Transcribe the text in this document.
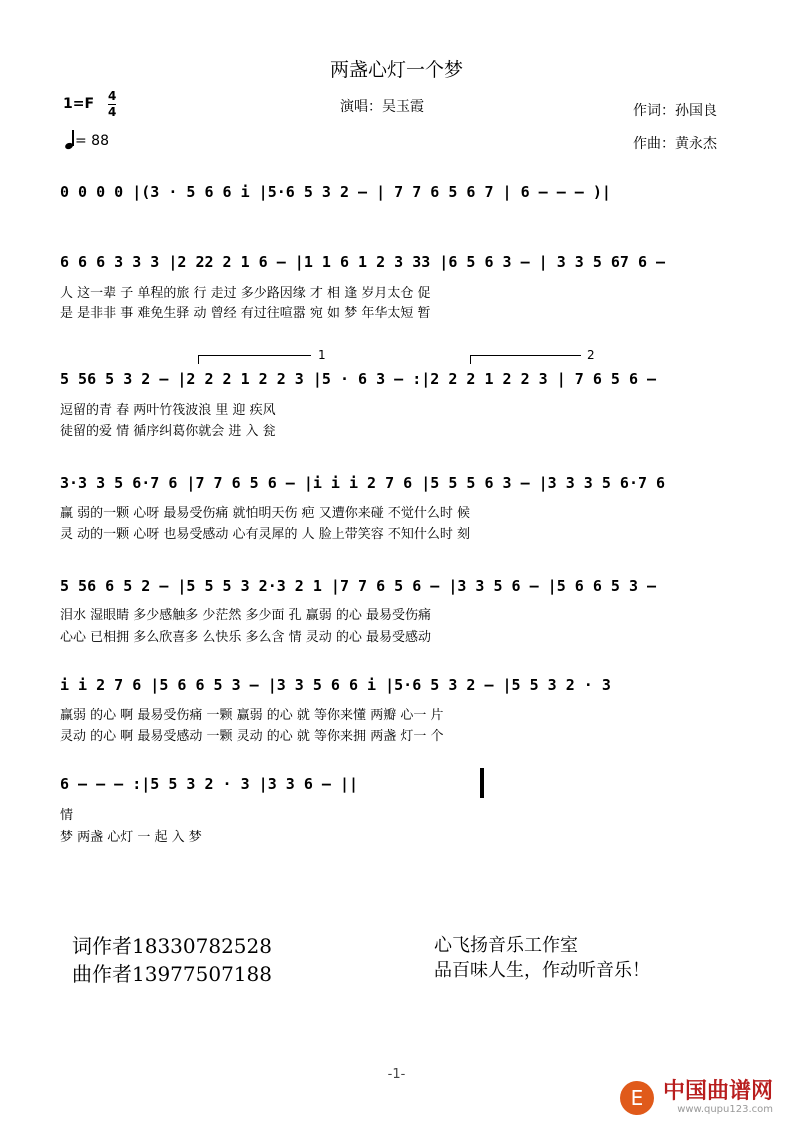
两盏心灯一个梦
1=F 4
4
= 88
演唱：吴玉霞	作词：孙国良
作曲：黄永杰
0 0 0 0 |(3 · 5 6 6 i |5·6 5 3 2 – | 7 7 6 5 6 7 | 6 – – – )|
6 6 6 3 3 3 |2 22 2 1 6 – |1 1 6 1 2 3 33 |6 5 6 3 – | 3 3 5 67 6 –
人 这一辈 子 单程的旅 行 走过 多少路因缘 才 相 逢 岁月太仓 促
是 是非非 事 难免生驿 动 曾经 有过往喧嚣 宛 如 梦 年华太短 暂
1	2
5 56 5 3 2 – |2 2 2 1 2 2 3 |5 · 6 3 – :|2 2 2 1 2 2 3 | 7 6 5 6 –
逗留的青 春 两叶竹筏波浪 里 迎 疾风
徒留的爱 情 循序纠葛你就会 进 入 瓮
3·3 3 5 6·7 6 |7 7 6 5 6 – |i i i 2 7 6 |5 5 5 6 3 – |3 3 3 5 6·7 6
赢 弱的一颗 心呀 最易受伤痛 就怕明天伤 疤 又遭你来碰 不觉什么时 候
灵 动的一颗 心呀 也易受感动 心有灵犀的 人 脸上带笑容 不知什么时 刻
5 56 6 5 2 – |5 5 5 3 2·3 2 1 |7 7 6 5 6 – |3 3 5 6 – |5 6 6 5 3 –
泪水 湿眼睛 多少感触多 少茫然 多少面 孔 赢弱 的心 最易受伤痛
心心 已相拥 多么欣喜多 么快乐 多么含 情 灵动 的心 最易受感动
i i 2 7 6 |5 6 6 5 3 – |3 3 5 6 6 i |5·6 5 3 2 – |5 5 3 2 · 3
赢弱 的心 啊 最易受伤痛 一颗 赢弱 的心 就 等你来懂 两瓣 心一 片
灵动 的心 啊 最易受感动 一颗 灵动 的心 就 等你来拥 两盏 灯一 个
6 – – – :|5 5 3 2 · 3 |3 3 6 – ||
情
梦 两盏 心灯 一 起 入 梦
词作者18330782528
曲作者13977507188
心飞扬音乐工作室
品百味人生，作动听音乐！
-1-
E 中国曲谱网
www.qupu123.com
